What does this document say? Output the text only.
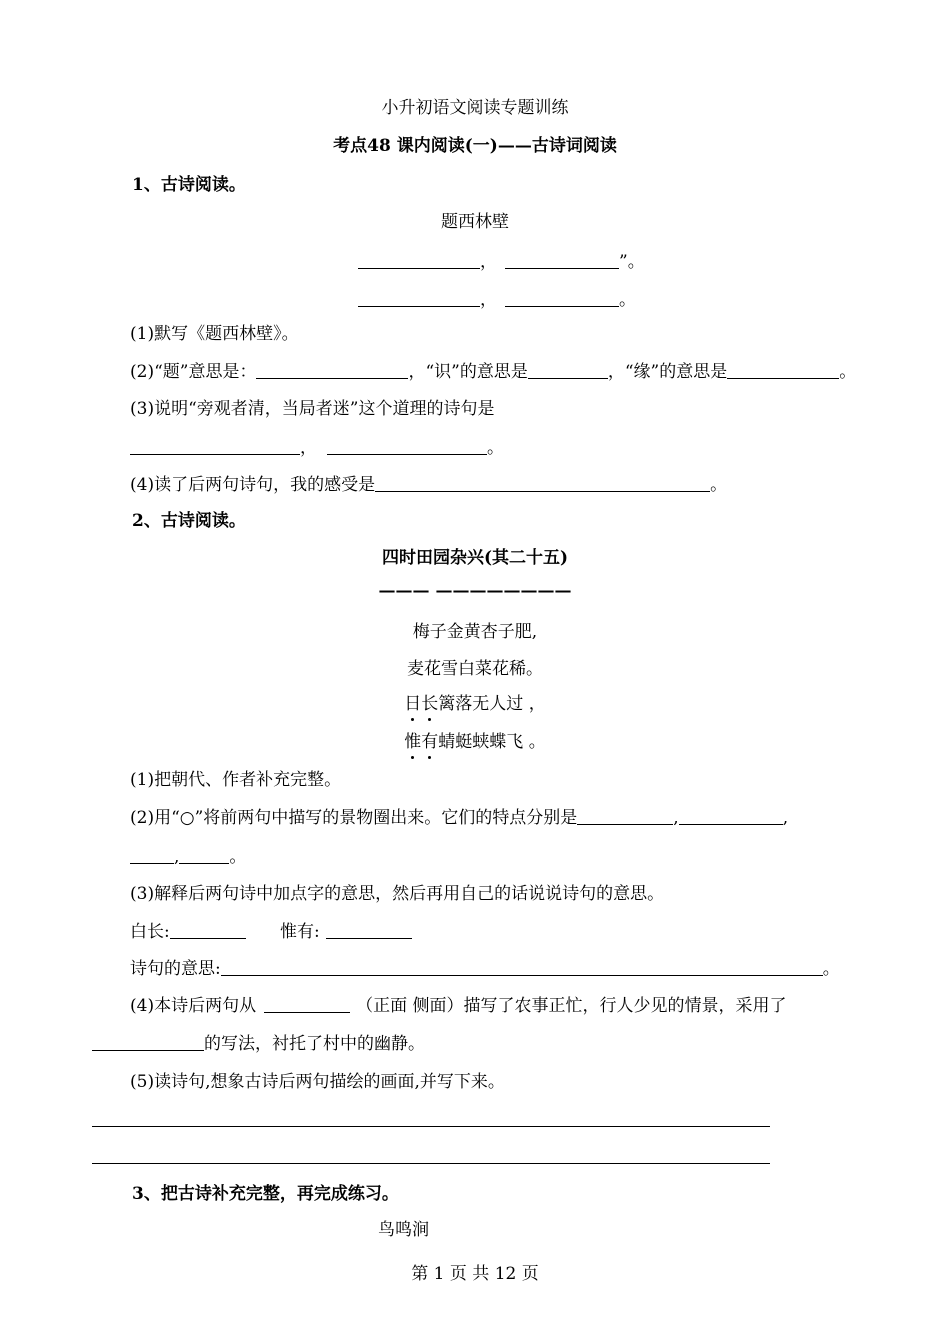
小升初语文阅读专题训练
考点48 课内阅读(一)——古诗词阅读
1、古诗阅读。
题西林壁
，	”。
，	。
(1)默写《题西林壁》。
(2)“题”意思是：	，“识”的意思是	，“缘”的意思是	。
(3)说明“旁观者清，当局者迷”这个道理的诗句是
，	。
(4)读了后两句诗句，我的感受是	。
2、古诗阅读。
四时田园杂兴(其二十五)
——— ————————
梅子金黄杏子肥,
麦花雪白菜花稀。
日长篱落无人过 ，
惟有蜻蜓蛱蝶飞 。
(1)把朝代、作者补充完整。
(2)用“○”将前两句中描写的景物圈出来。它们的特点分别是	,	,
,	。
(3)解释后两句诗中加点字的意思，然后再用自己的话说说诗句的意思。
白长:	惟有:
诗句的意思:	。
(4)本诗后两句从	（正面 侧面）描写了农事正忙，行人少见的情景，采用了
的写法，衬托了村中的幽静。
(5)读诗句,想象古诗后两句描绘的画面,并写下来。
3、把古诗补充完整，再完成练习。
鸟鸣涧
第 1 页 共 12 页
